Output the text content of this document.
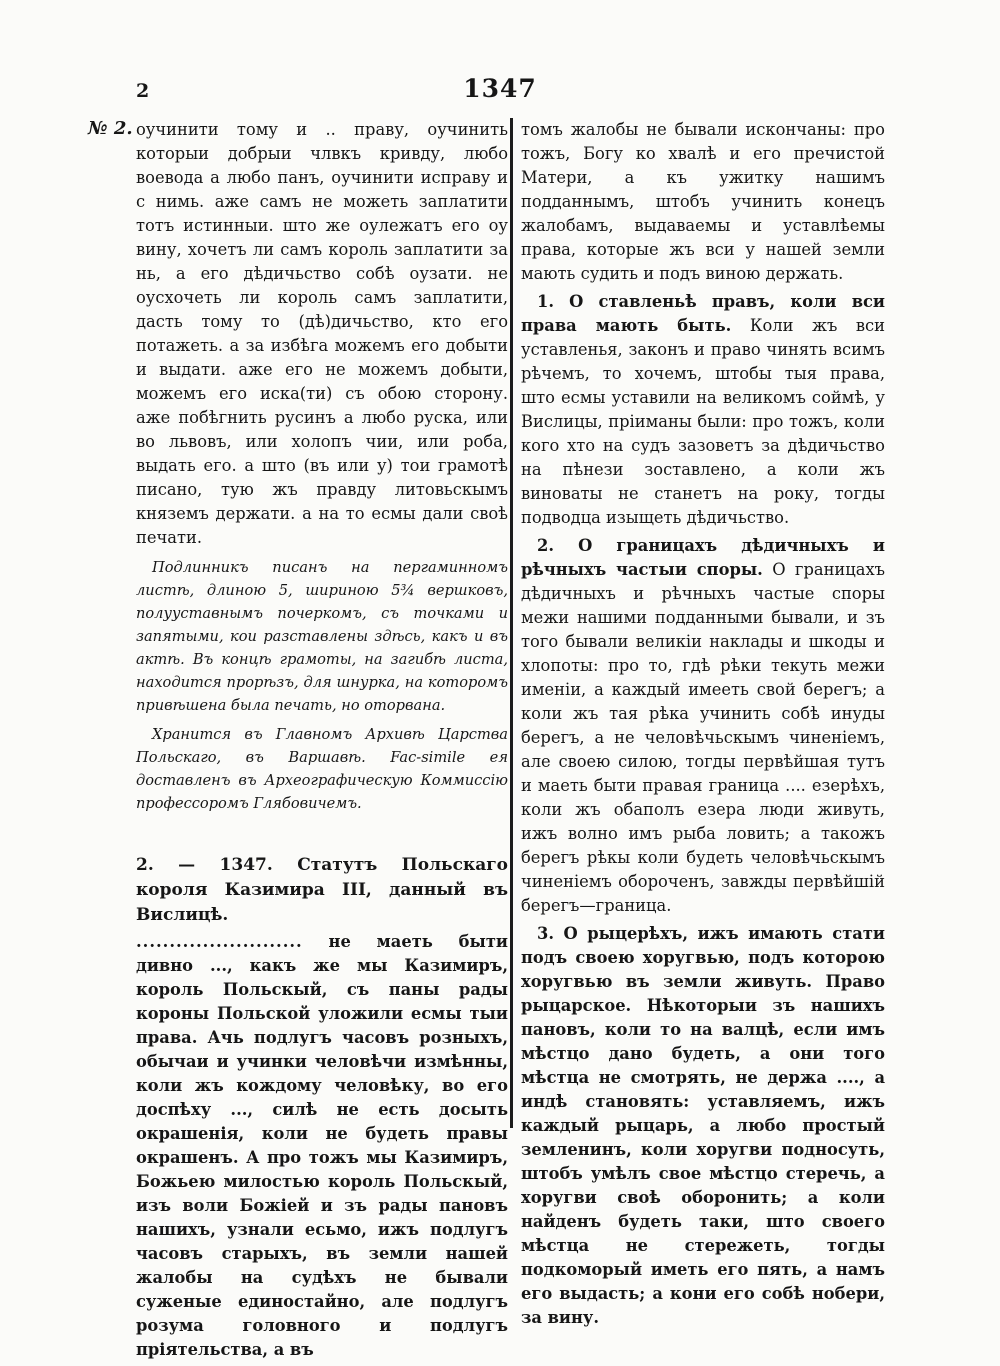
2	1347
№ 2. оучинити тому и .. праву, оучинить которыи добрыи члвкъ кривду, любо воевода а любо панъ, оучинити исправу и с нимь. аже самъ не можеть заплатити тотъ истинныи. што же оулежатъ его оу вину, хочетъ ли самъ король заплатити за нь, а его дѣдичьство собѣ оузати. не оусхочеть ли король самъ заплатити, дасть тому то (дѣ)дичьство, кто его потажеть. а за избѣга можемъ его добыти и выдати. аже его не можемъ добыти, можемъ его иска(ти) съ обою сторону. аже побѣгнить русинъ а любо руска, или во львовъ, или холопъ чии, или роба, выдать его. а што (въ или у) тои грамотѣ писано, тую жъ правду литовьскымъ княземъ держати. а на то есмы дали своѣ печати.

Подлинникъ писанъ на пергаминномъ листѣ, длиною 5, шириною 5¾ вершковъ, полууставнымъ почеркомъ, съ точками и запятыми, кои разставлены здѣсь, какъ и въ актѣ. Въ концѣ грамоты, на загибѣ листа, находится прорѣзъ, для шнурка, на которомъ привѣшена была печать, но оторвана.

Хранится въ Главномъ Архивѣ Царства Польскаго, въ Варшавѣ. Fac-simile ея доставленъ въ Археографическую Коммиссію профессоромъ Глябовичемъ.

2. — 1347. Статутъ Польскаго короля Казимира III, данный въ Вислицѣ.

......................... не маеть быти дивно ..., какъ же мы Казимиръ, король Польскый, съ паны рады короны Польской уложили есмы тыи права. Ачь подлугъ часовъ розныхъ, обычаи и учинки человѣчи измѣнны, коли жъ кождому человѣку, во его доспѣху ..., силѣ не есть досыть окрашенія, коли не будеть правы окрашенъ. А про тожъ мы Казимиръ, Божьею милостью король Польскый, изъ воли Божіей и зъ рады пановъ нашихъ, узнали есьмо, ижъ подлугъ часовъ старыхъ, въ земли нашей жалобы на судѣхъ не бывали суженые единостайно, але подлугъ розума головного и подлугъ пріятельства, а въ

томъ жалобы не бывали искончаны: про тожъ, Богу ко хвалѣ и его пречистой Матери, а къ ужитку нашимъ подданнымъ, штобъ учинить конецъ жалобамъ, выдаваемы и уставлѣемы права, которые жъ вси у нашей земли мають судить и подъ виною держать.

1. О ставленьѣ правъ, коли вси права мають быть. Коли жъ вси уставленья, законъ и право чинять всимъ рѣчемъ, то хочемъ, штобы тыя права, што есмы уставили на великомъ соймѣ, у Вислицы, пріиманы были: про тожъ, коли кого хто на судъ зазоветъ за дѣдичьство на пѣнези зоставлено, а коли жъ виноваты не станетъ на року, тогды подводца изыщеть дѣдичьство.

2. О границахъ дѣдичныхъ и рѣчныхъ частыи споры. О границахъ дѣдичныхъ и рѣчныхъ частые споры межи нашими подданными бывали, и зъ того бывали великіи наклады и шкоды и хлопоты: про то, гдѣ рѣки текуть межи именіи, а каждый имееть свой берегъ; а коли жъ тая рѣка учинить собѣ инуды берегъ, а не человѣчьскымъ чиненіемъ, але своею силою, тогды первѣйшая тутъ и маеть быти правая граница .... езерѣхъ, коли жъ обаполъ езера люди живуть, ижъ волно имъ рыба ловить; а такожъ берегъ рѣкы коли будеть человѣчьскымъ чиненіемъ обороченъ, завжды первѣйшій берегъ—граница.

3. О рыцерѣхъ, ижъ имають стати подъ своею хоругвью, подъ которою хоругвью въ земли живуть. Право рыцарское. Нѣкоторыи зъ нашихъ пановъ, коли то на валцѣ, если имъ мѣстцо дано будеть, а они того мѣстца не смотрять, не держа ...., а индѣ становять: уставляемъ, ижъ каждый рыцарь, а любо простый земленинъ, коли хоругви подносуть, штобъ умѣлъ свое мѣстцо стеречь, а хоругви своѣ оборонить; а коли найденъ будеть таки, што своего мѣстца не стережеть, тогды подкоморый иметь его пять, а намъ его выдасть; а кони его собѣ нобери, за вину.
